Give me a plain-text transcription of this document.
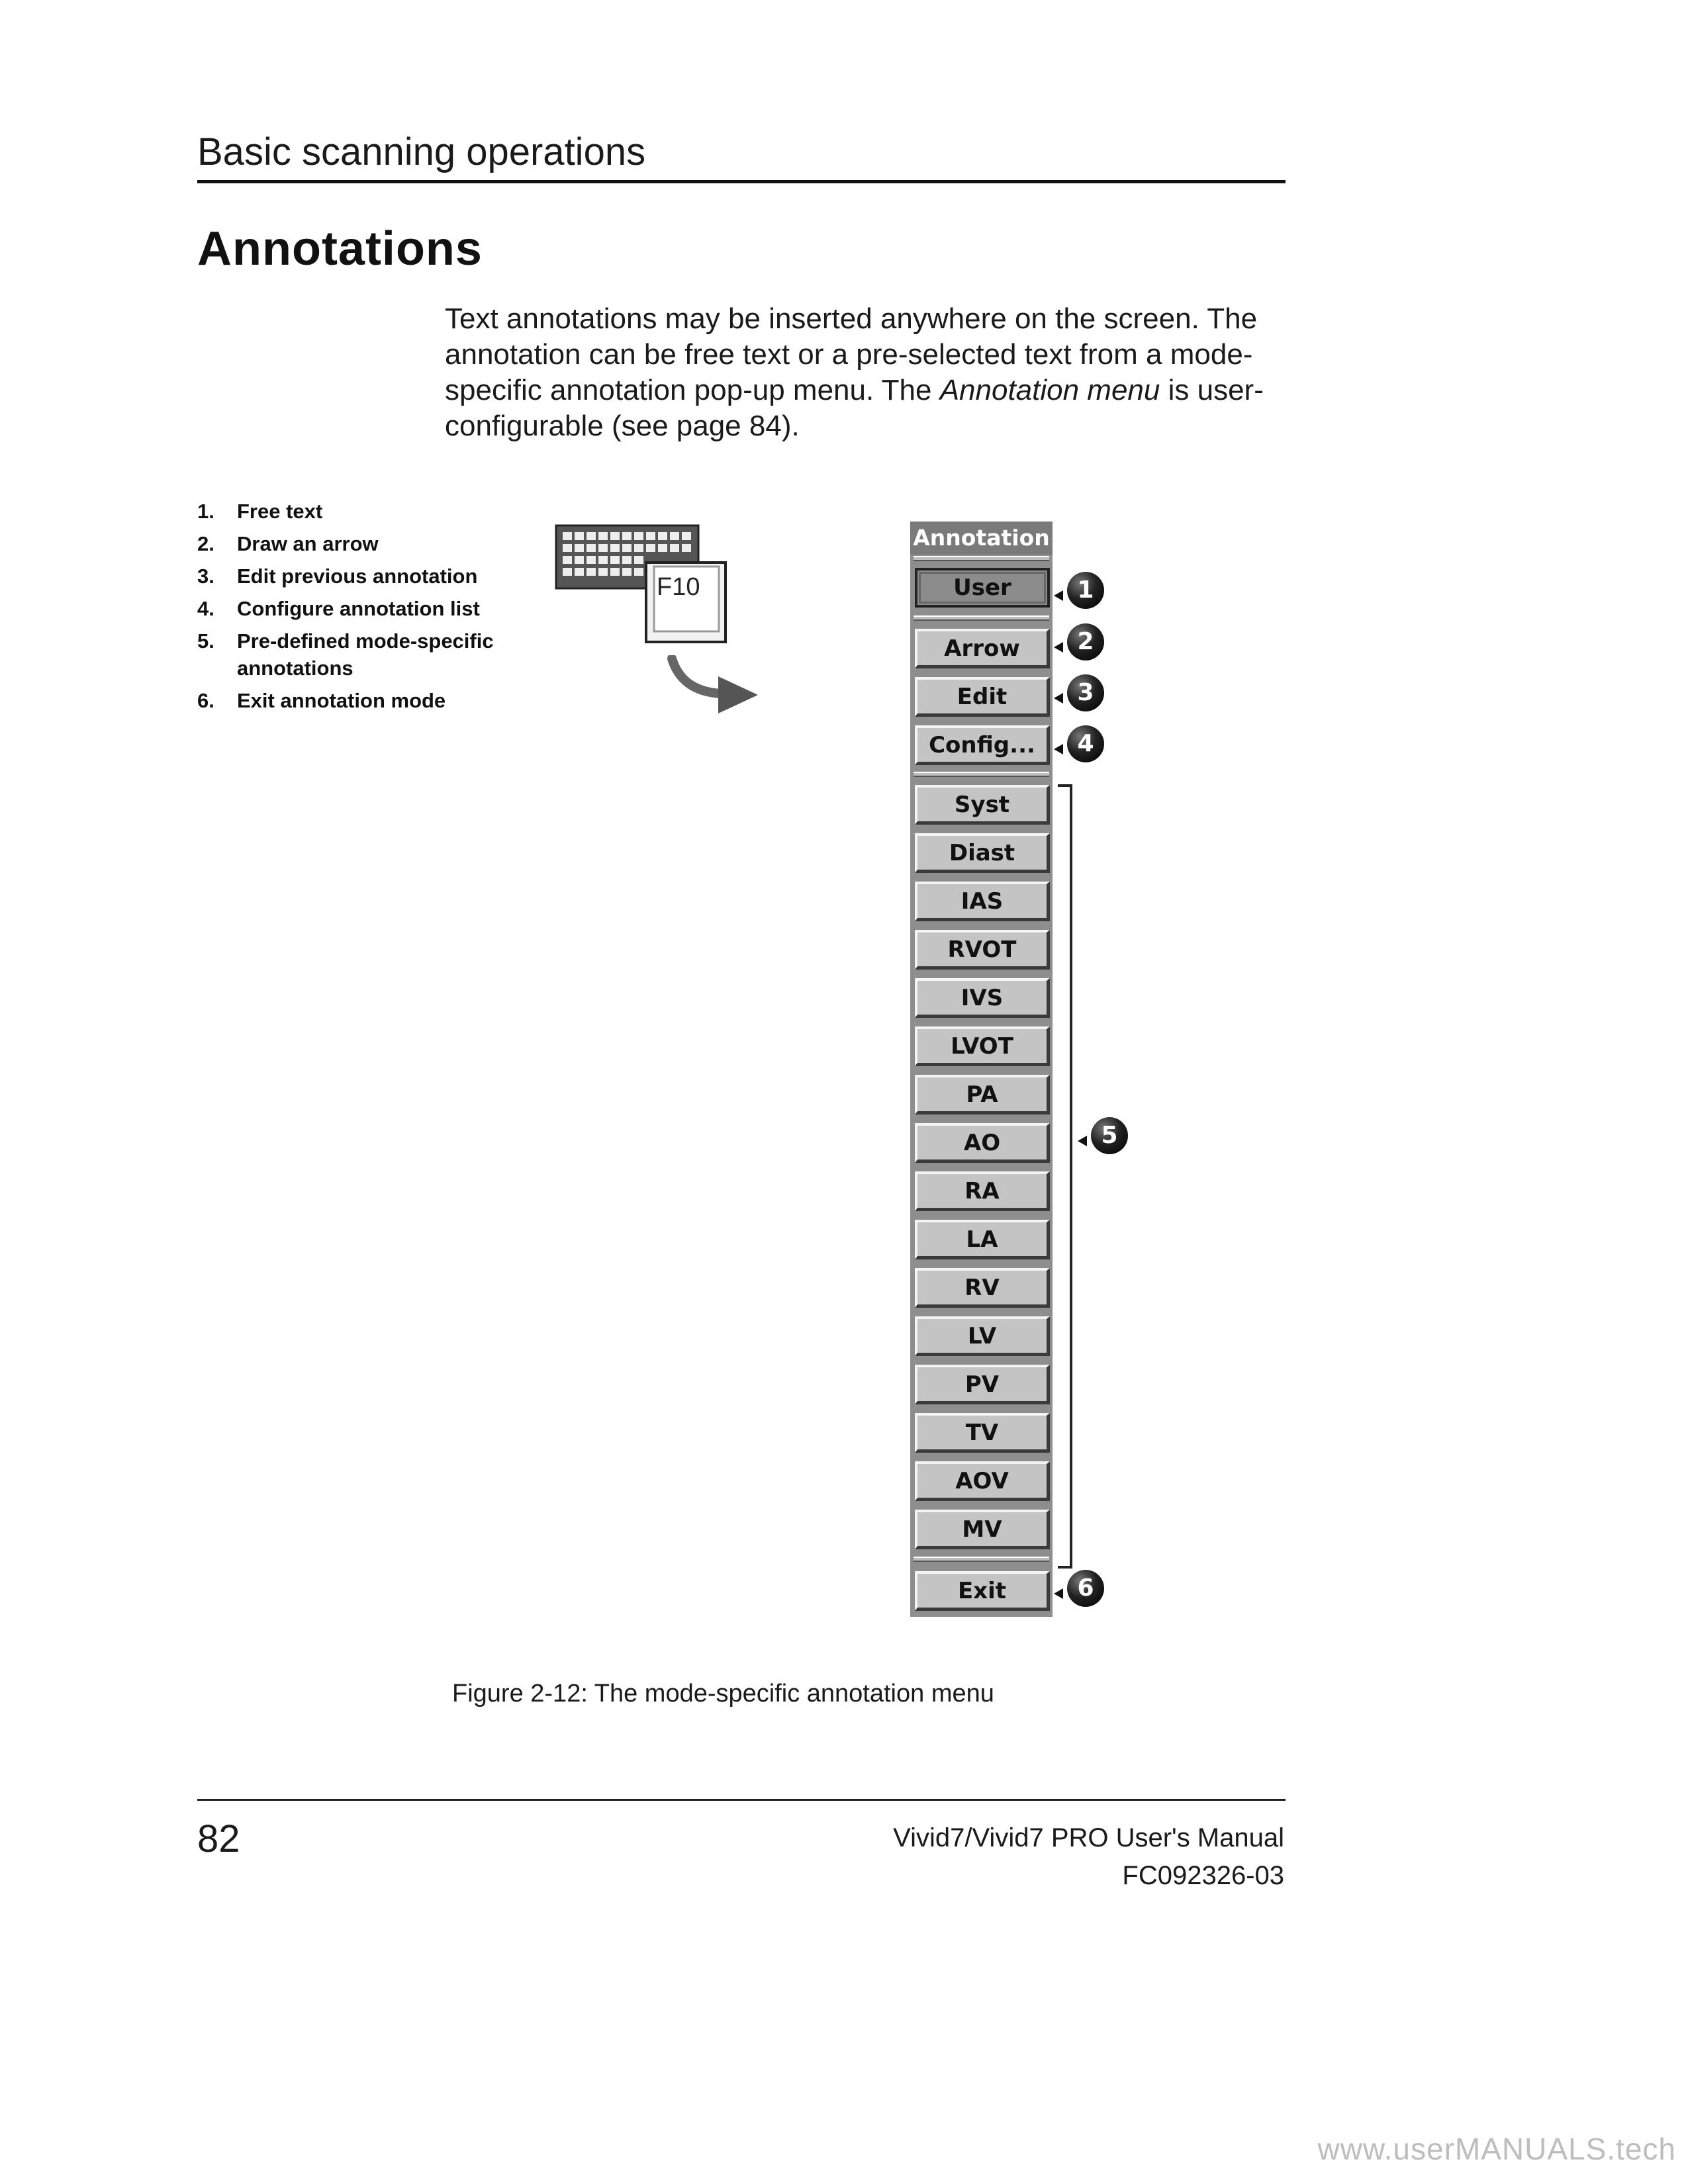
Basic scanning operations
Annotations
Text annotations may be inserted anywhere on the screen. The annotation can be free text or a pre-selected text from a mode-specific annotation pop-up menu. The Annotation menu is user-configurable (see page 84).
1.	Free text
2.	Draw an arrow
3.	Edit previous annotation
4.	Configure annotation list
5.	Pre-defined mode-specific annotations
6.	Exit annotation mode
F10
Annotation
User
Arrow
Edit
Config...
Syst
Diast
IAS
RVOT
IVS
LVOT
PA
AO
RA
LA
RV
LV
PV
TV
AOV
MV
Exit
1
2
3
4
5
6
Figure 2-12: The mode-specific annotation menu
82	Vivid7/Vivid7 PRO User's Manual
FC092326-03
www.userMANUALS.tech
